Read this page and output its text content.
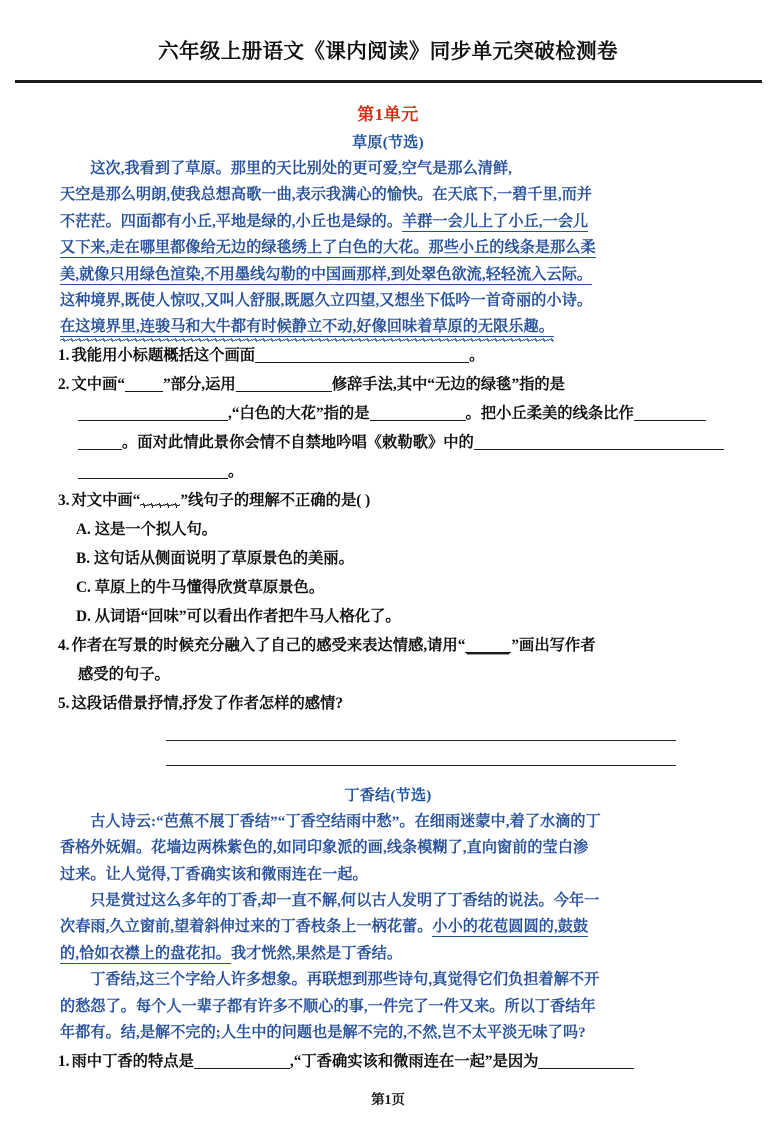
六年级上册语文《课内阅读》同步单元突破检测卷
第1单元
草原(节选)
这次,我看到了草原。那里的天比别处的更可爱,空气是那么清鲜,
天空是那么明朗,使我总想高歌一曲,表示我满心的愉快。在天底下,一碧千里,而并
不茫茫。四面都有小丘,平地是绿的,小丘也是绿的。羊群一会儿上了小丘,一会儿
又下来,走在哪里都像给无边的绿毯绣上了白色的大花。那些小丘的线条是那么柔
美,就像只用绿色渲染,不用墨线勾勒的中国画那样,到处翠色欲流,轻轻流入云际。
这种境界,既使人惊叹,又叫人舒服,既愿久立四望,又想坐下低吟一首奇丽的小诗。
在这境界里,连骏马和大牛都有时候静立不动,好像回味着草原的无限乐趣。
1. 我能用小标题概括这个画面	。
2. 文中画“ ”部分,运用	修辞手法,其中“无边的绿毯”指的是
,“白色的大花”指的是	。把小丘柔美的线条比作
。面对此情此景你会情不自禁地吟唱《敕勒歌》中的
。
3. 对文中画“	”线句子的理解不正确的是( )
A. 这是一个拟人句。
B. 这句话从侧面说明了草原景色的美丽。
C. 草原上的牛马懂得欣赏草原景色。
D. 从词语“回味”可以看出作者把牛马人格化了。
4. 作者在写景的时候充分融入了自己的感受来表达情感,请用“	”画出写作者
感受的句子。
5. 这段话借景抒情,抒发了作者怎样的感情?
丁香结(节选)
古人诗云:“芭蕉不展丁香结”“丁香空结雨中愁”。在细雨迷蒙中,着了水滴的丁
香格外妩媚。花墙边两株紫色的,如同印象派的画,线条模糊了,直向窗前的莹白渗
过来。让人觉得,丁香确实该和微雨连在一起。
只是赏过这么多年的丁香,却一直不解,何以古人发明了丁香结的说法。今年一
次春雨,久立窗前,望着斜伸过来的丁香枝条上一柄花蕾。小小的花苞圆圆的,鼓鼓
的,恰如衣襟上的盘花扣。我才恍然,果然是丁香结。
丁香结,这三个字给人许多想象。再联想到那些诗句,真觉得它们负担着解不开
的愁怨了。每个人一辈子都有许多不顺心的事,一件完了一件又来。所以丁香结年
年都有。结,是解不完的;人生中的问题也是解不完的,不然,岂不太平淡无味了吗?
1. 雨中丁香的特点是	,“丁香确实该和微雨连在一起”是因为
第1页
